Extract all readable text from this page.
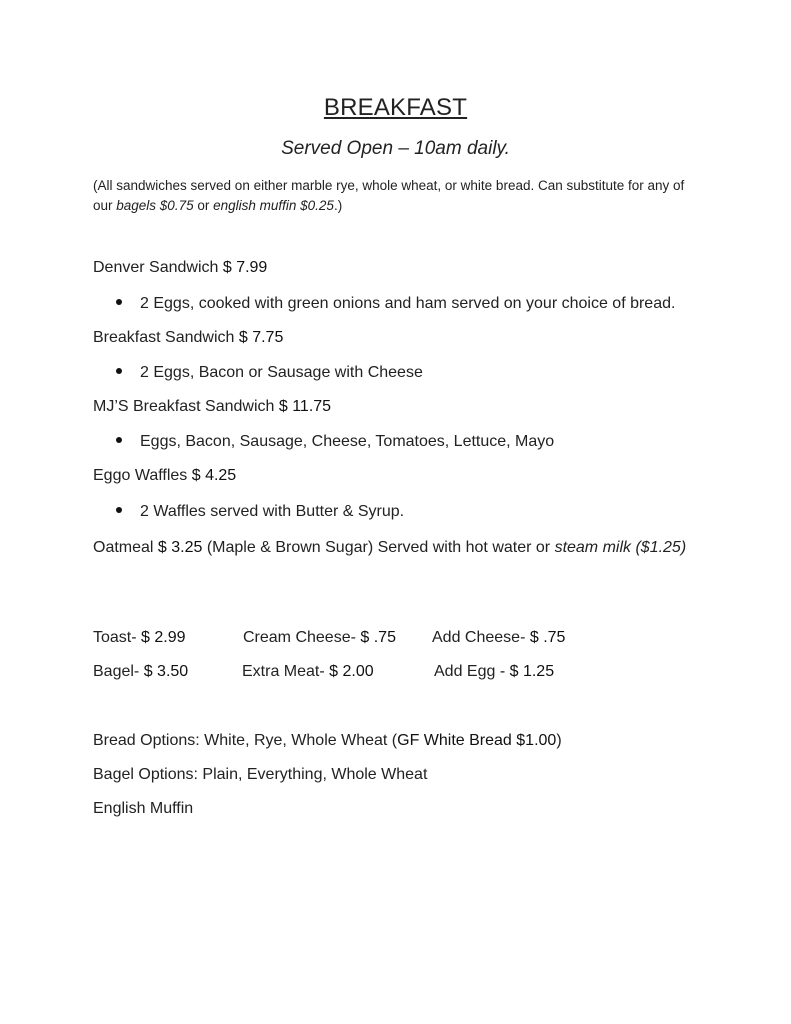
BREAKFAST
Served Open – 10am daily.
(All sandwiches served on either marble rye, whole wheat, or white bread. Can substitute for any of our bagels $0.75 or english muffin $0.25.)
Denver Sandwich $ 7.99
2 Eggs, cooked with green onions and ham served on your choice of bread.
Breakfast Sandwich $ 7.75
2 Eggs, Bacon or Sausage with Cheese
MJ’S Breakfast Sandwich $ 11.75
Eggs, Bacon, Sausage, Cheese, Tomatoes, Lettuce, Mayo
Eggo Waffles $ 4.25
2 Waffles served with Butter & Syrup.
Oatmeal $ 3.25 (Maple & Brown Sugar) Served with hot water or steam milk ($1.25)
Toast- $ 2.99	Cream Cheese- $ .75 Add Cheese- $ .75
Bagel- $ 3.50	Extra Meat- $ 2.00	Add Egg - $ 1.25
Bread Options: White, Rye, Whole Wheat (GF White Bread $1.00)
Bagel Options: Plain, Everything, Whole Wheat
English Muffin
